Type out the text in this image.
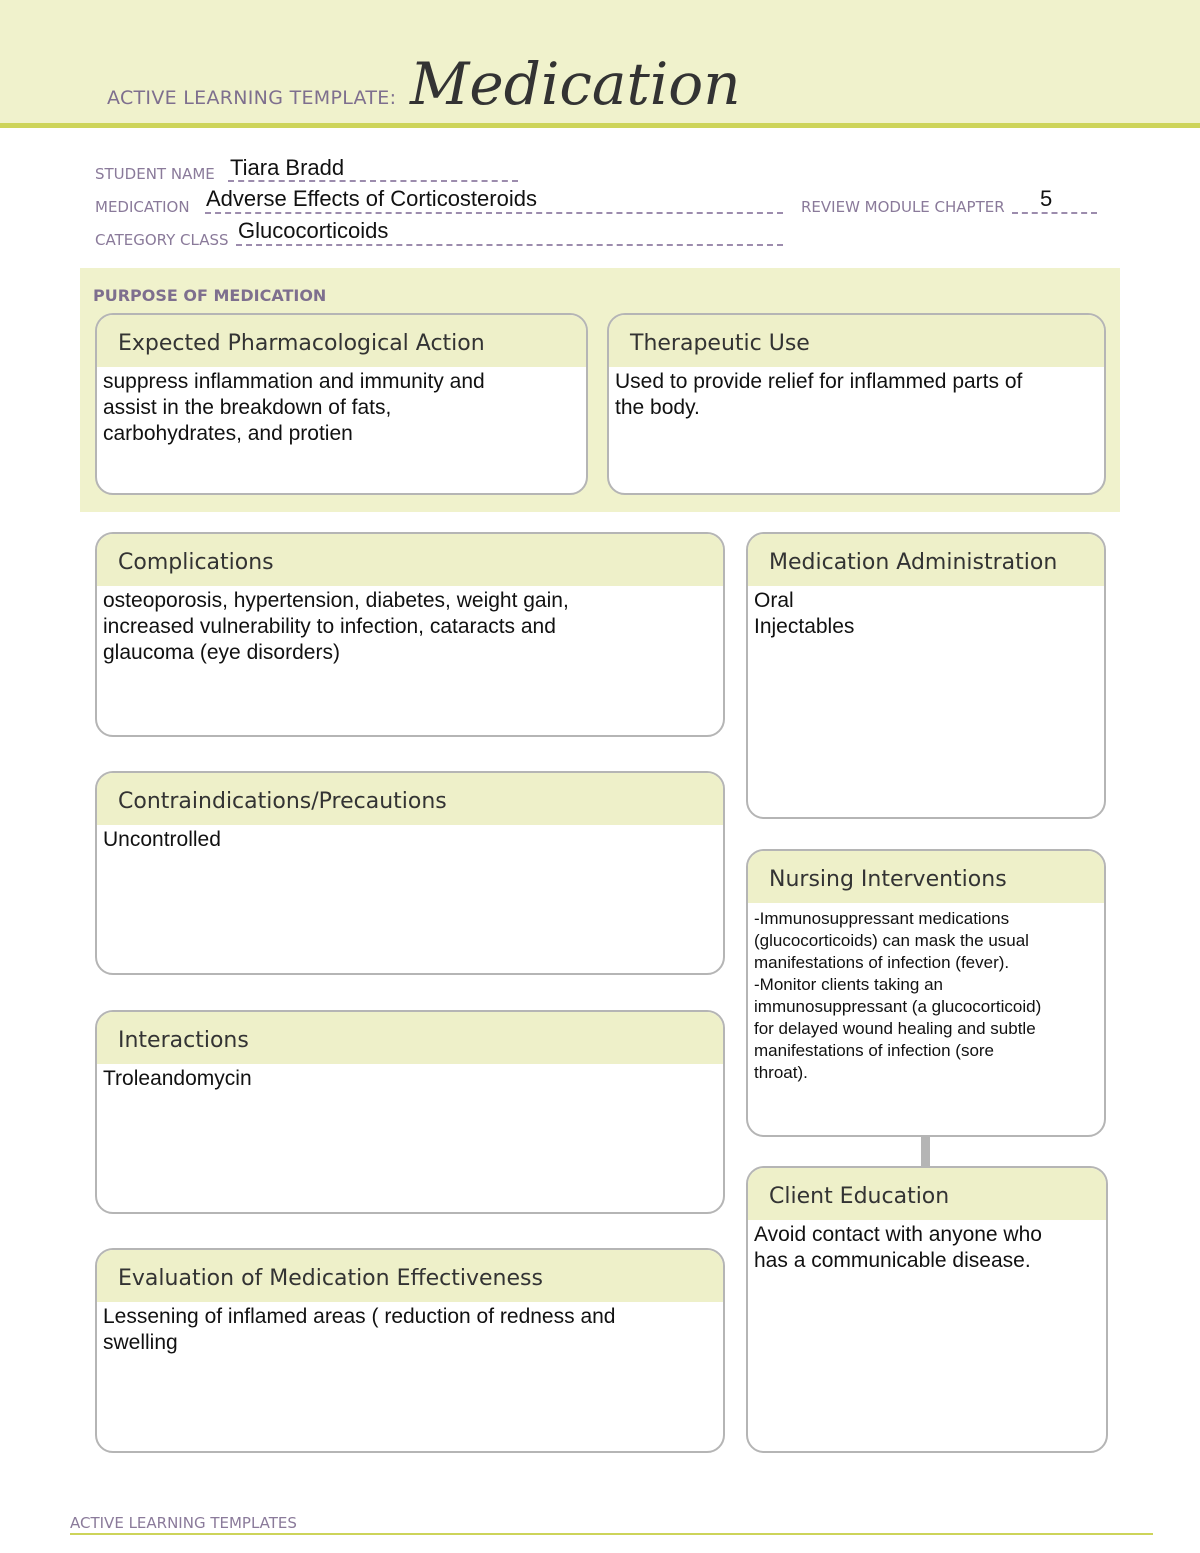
ACTIVE LEARNING TEMPLATE: Medication
STUDENT NAME Tiara Bradd
MEDICATION Adverse Effects of Corticosteroids	REVIEW MODULE CHAPTER 5
CATEGORY CLASS Glucocorticoids
PURPOSE OF MEDICATION
Expected Pharmacological Action
suppress inflammation and immunity and
assist in the breakdown of fats,
carbohydrates, and protien
Therapeutic Use
Used to provide relief for inflammed parts of
the body.
Complications
osteoporosis, hypertension, diabetes, weight gain,
increased vulnerability to infection, cataracts and
glaucoma (eye disorders)
Medication Administration
Oral
Injectables
Contraindications/Precautions
Uncontrolled
Nursing Interventions
-Immunosuppressant medications
(glucocorticoids) can mask the usual
manifestations of infection (fever).
-Monitor clients taking an
immunosuppressant (a glucocorticoid)
for delayed wound healing and subtle
manifestations of infection (sore
throat).
Client Education
Avoid contact with anyone who
has a communicable disease.
Interactions
Troleandomycin
Evaluation of Medication Effectiveness
Lessening of inflamed areas ( reduction of redness and
swelling
ACTIVE LEARNING TEMPLATES
